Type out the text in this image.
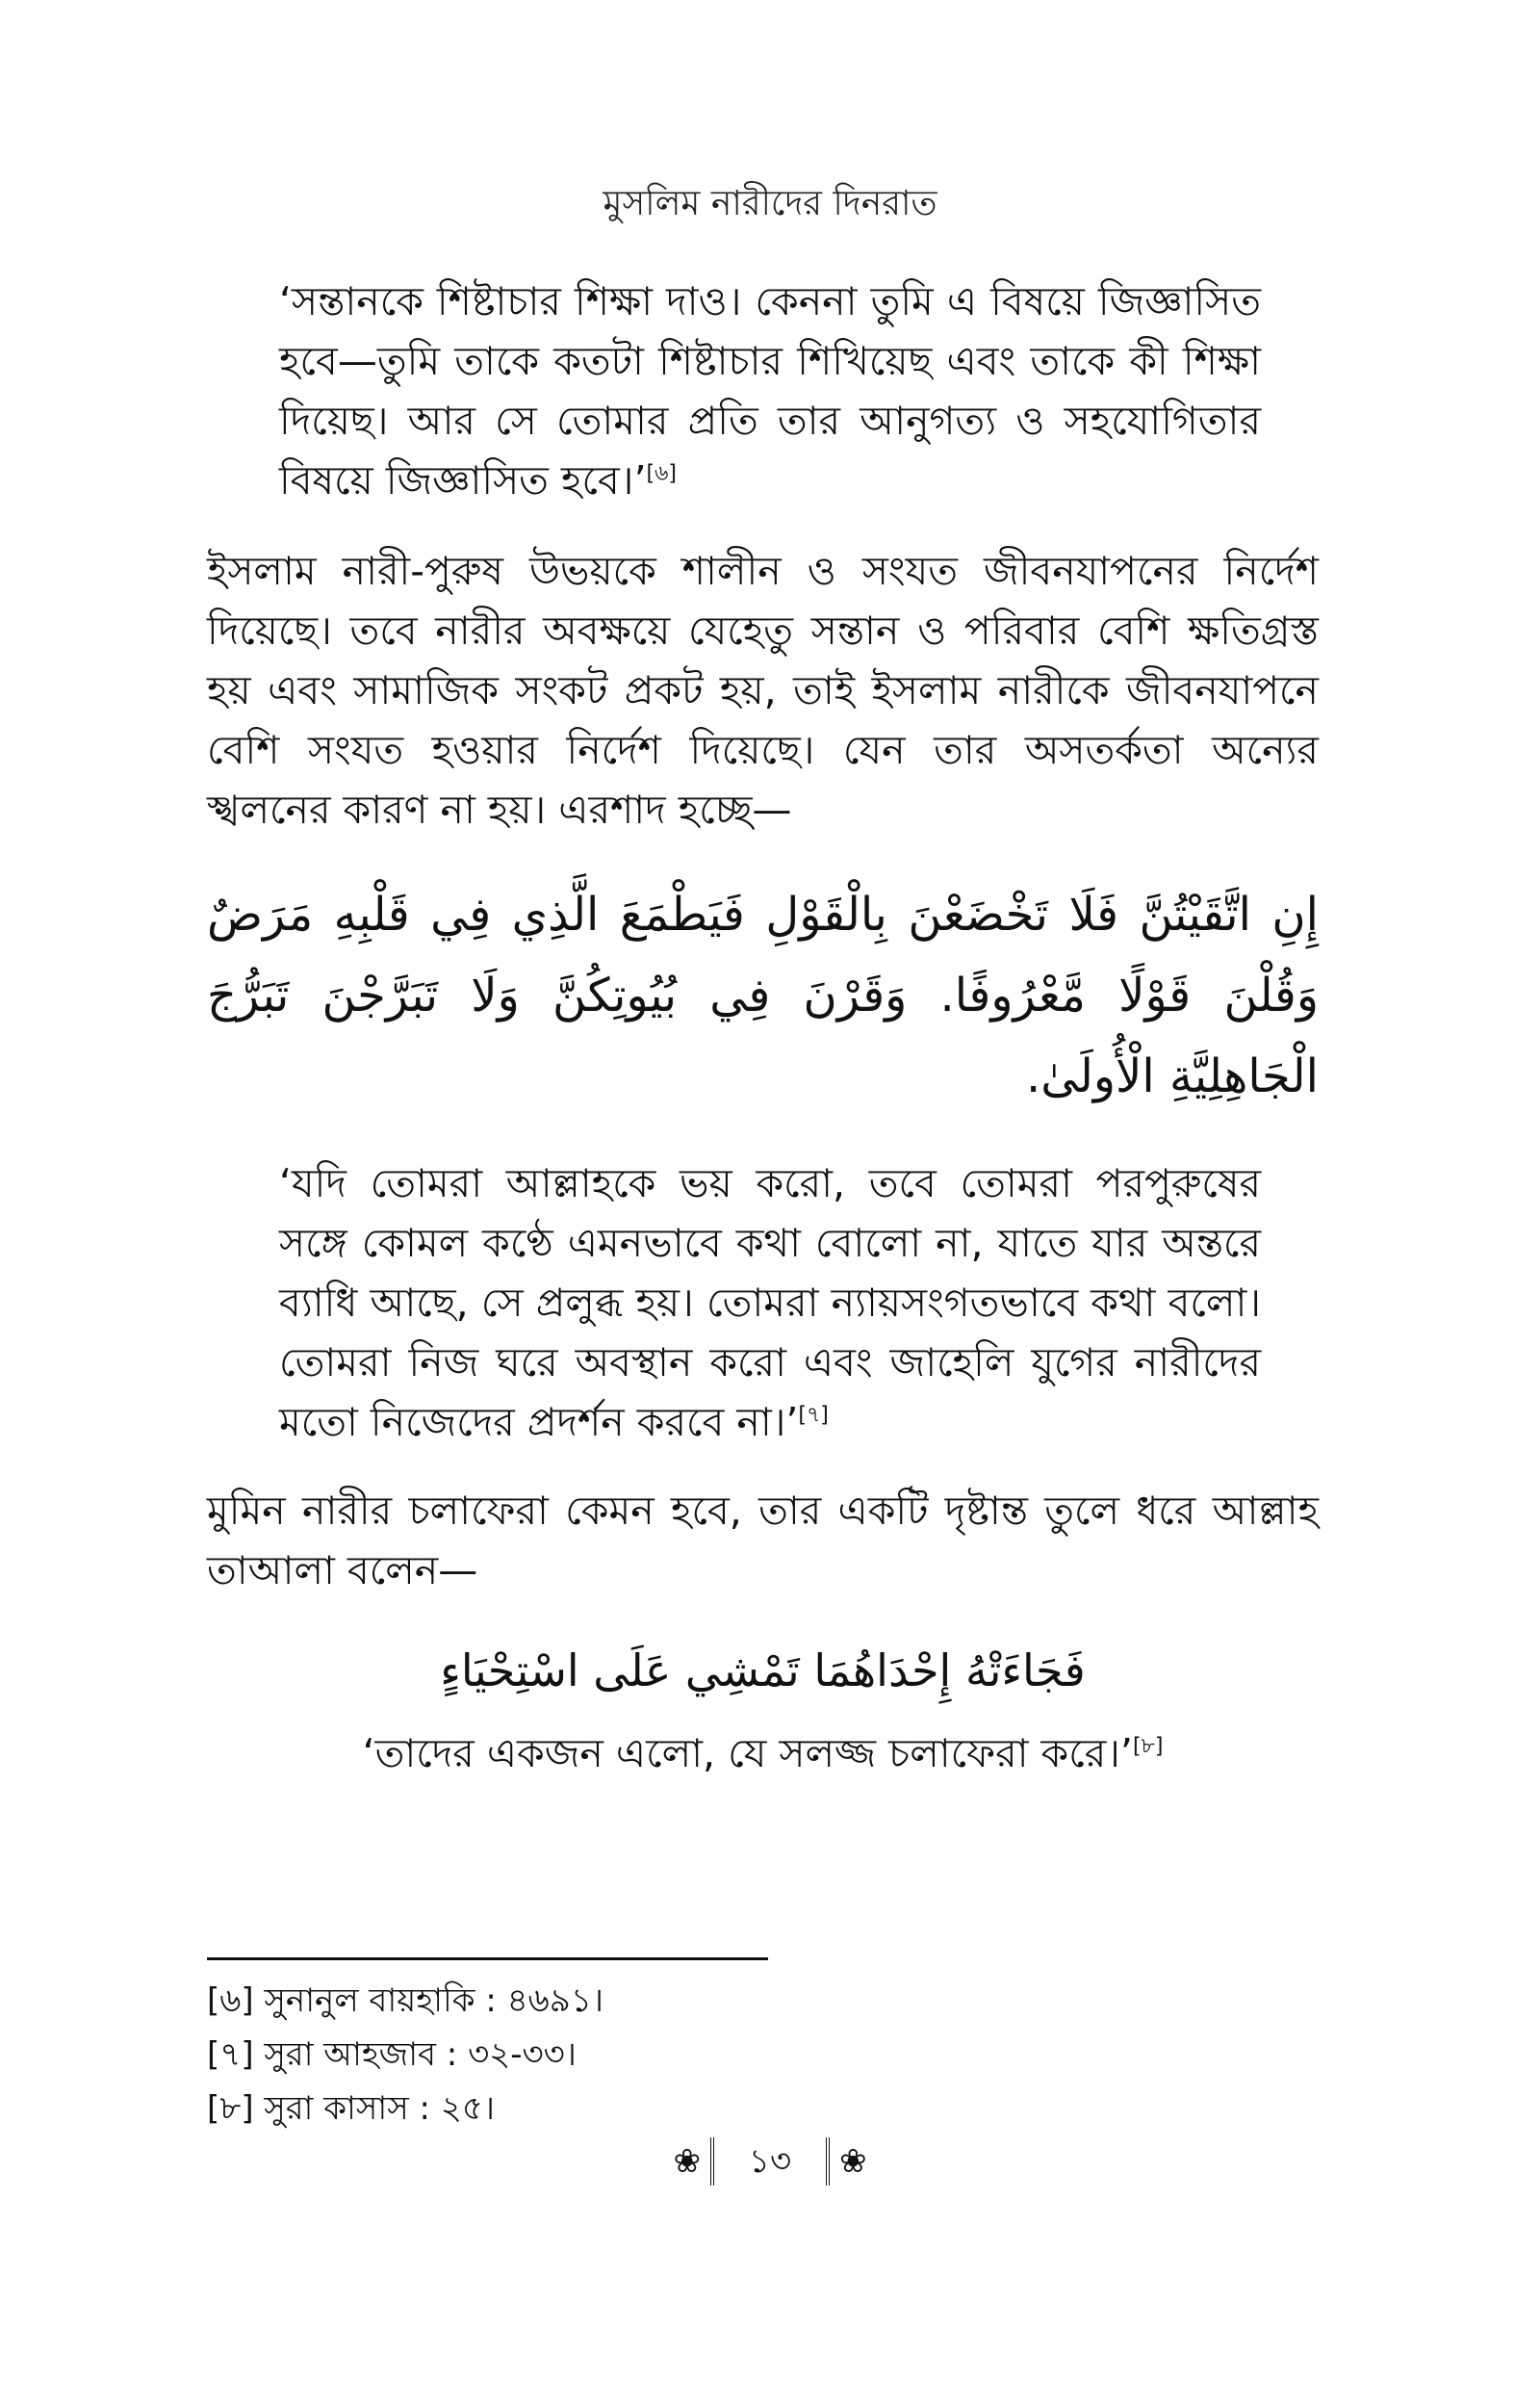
মুসলিম নারীদের দিনরাত
‘সন্তানকে শিষ্টাচার শিক্ষা দাও। কেননা তুমি এ বিষয়ে জিজ্ঞাসিত হবে—তুমি তাকে কতটা শিষ্টাচার শিখিয়েছ এবং তাকে কী শিক্ষা দিয়েছ। আর সে তোমার প্রতি তার আনুগত্য ও সহযোগিতার বিষয়ে জিজ্ঞাসিত হবে।’[৬]
ইসলাম নারী-পুরুষ উভয়কে শালীন ও সংযত জীবনযাপনের নির্দেশ দিয়েছে। তবে নারীর অবক্ষয়ে যেহেতু সন্তান ও পরিবার বেশি ক্ষতিগ্রস্ত হয় এবং সামাজিক সংকট প্রকট হয়, তাই ইসলাম নারীকে জীবনযাপনে বেশি সংযত হওয়ার নির্দেশ দিয়েছে। যেন তার অসতর্কতা অন্যের স্খলনের কারণ না হয়। এরশাদ হচ্ছে—
إِنِ اتَّقَيْتُنَّ فَلَا تَخْضَعْنَ بِالْقَوْلِ فَيَطْمَعَ الَّذِي فِي قَلْبِهِ مَرَضٌ وَقُلْنَ قَوْلًا مَّعْرُوفًا. وَقَرْنَ فِي بُيُوتِكُنَّ وَلَا تَبَرَّجْنَ تَبَرُّجَ الْجَاهِلِيَّةِ الْأُولَىٰ.
‘যদি তোমরা আল্লাহকে ভয় করো, তবে তোমরা পরপুরুষের সঙ্গে কোমল কণ্ঠে এমনভাবে কথা বোলো না, যাতে যার অন্তরে ব্যাধি আছে, সে প্রলুব্ধ হয়। তোমরা ন্যায়সংগতভাবে কথা বলো। তোমরা নিজ ঘরে অবস্থান করো এবং জাহেলি যুগের নারীদের মতো নিজেদের প্রদর্শন করবে না।’[৭]
মুমিন নারীর চলাফেরা কেমন হবে, তার একটি দৃষ্টান্ত তুলে ধরে আল্লাহ তাআলা বলেন—
فَجَاءَتْهُ إِحْدَاهُمَا تَمْشِي عَلَى اسْتِحْيَاءٍ
‘তাদের একজন এলো, যে সলজ্জ চলাফেরা করে।’[৮]
[৬] সুনানুল বায়হাকি : ৪৬৯১।
[৭] সুরা আহজাব : ৩২-৩৩।
[৮] সুরা কাসাস : ২৫।
❀	১৩	❀
